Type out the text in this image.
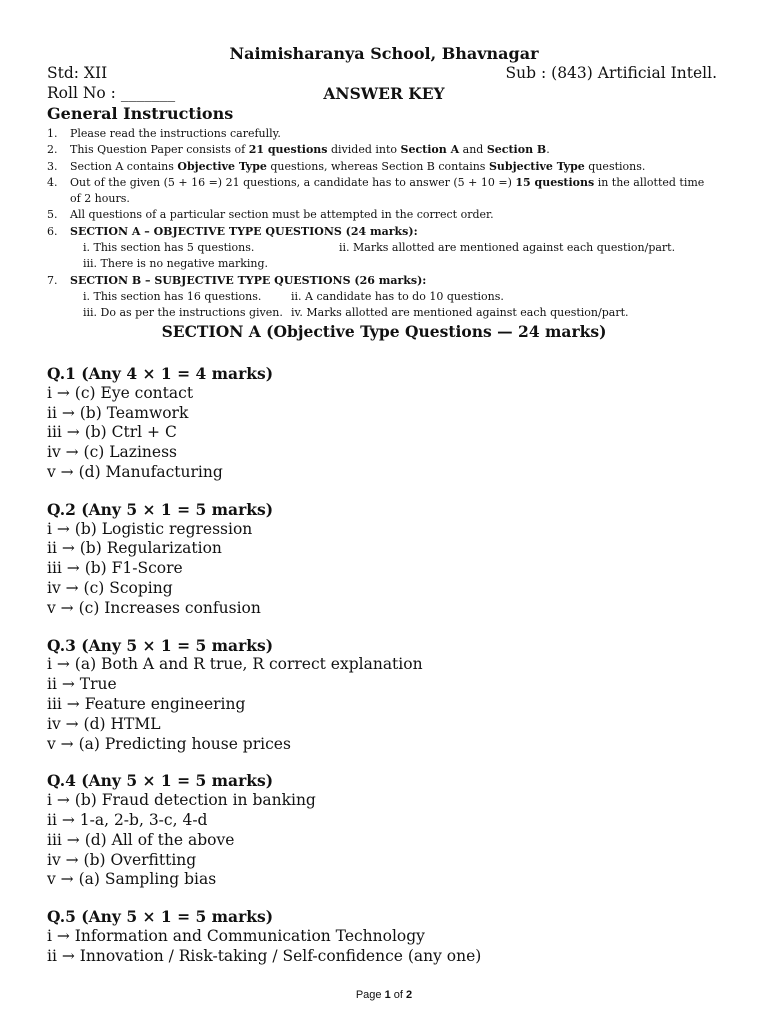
Naimisharanya School, Bhavnagar
Std: XII	Sub : (843) Artificial Intell.
Roll No : _______	ANSWER KEY
General Instructions
1. Please read the instructions carefully.
2. This Question Paper consists of 21 questions divided into Section A and Section B.
3. Section A contains Objective Type questions, whereas Section B contains Subjective Type questions.
4. Out of the given (5 + 16 =) 21 questions, a candidate has to answer (5 + 10 =) 15 questions in the allotted time of 2 hours.
5. All questions of a particular section must be attempted in the correct order.
6. SECTION A – OBJECTIVE TYPE QUESTIONS (24 marks):
i. This section has 5 questions.	ii. Marks allotted are mentioned against each question/part.
iii. There is no negative marking.
7. SECTION B – SUBJECTIVE TYPE QUESTIONS (26 marks):
i. This section has 16 questions.	ii. A candidate has to do 10 questions.
iii. Do as per the instructions given. iv. Marks allotted are mentioned against each question/part.
SECTION A (Objective Type Questions — 24 marks)
Q.1 (Any 4 × 1 = 4 marks)
i → (c) Eye contact
ii → (b) Teamwork
iii → (b) Ctrl + C
iv → (c) Laziness
v → (d) Manufacturing
Q.2 (Any 5 × 1 = 5 marks)
i → (b) Logistic regression
ii → (b) Regularization
iii → (b) F1-Score
iv → (c) Scoping
v → (c) Increases confusion
Q.3 (Any 5 × 1 = 5 marks)
i → (a) Both A and R true, R correct explanation
ii → True
iii → Feature engineering
iv → (d) HTML
v → (a) Predicting house prices
Q.4 (Any 5 × 1 = 5 marks)
i → (b) Fraud detection in banking
ii → 1-a, 2-b, 3-c, 4-d
iii → (d) All of the above
iv → (b) Overfitting
v → (a) Sampling bias
Q.5 (Any 5 × 1 = 5 marks)
i → Information and Communication Technology
ii → Innovation / Risk-taking / Self-confidence (any one)
Page 1 of 2
